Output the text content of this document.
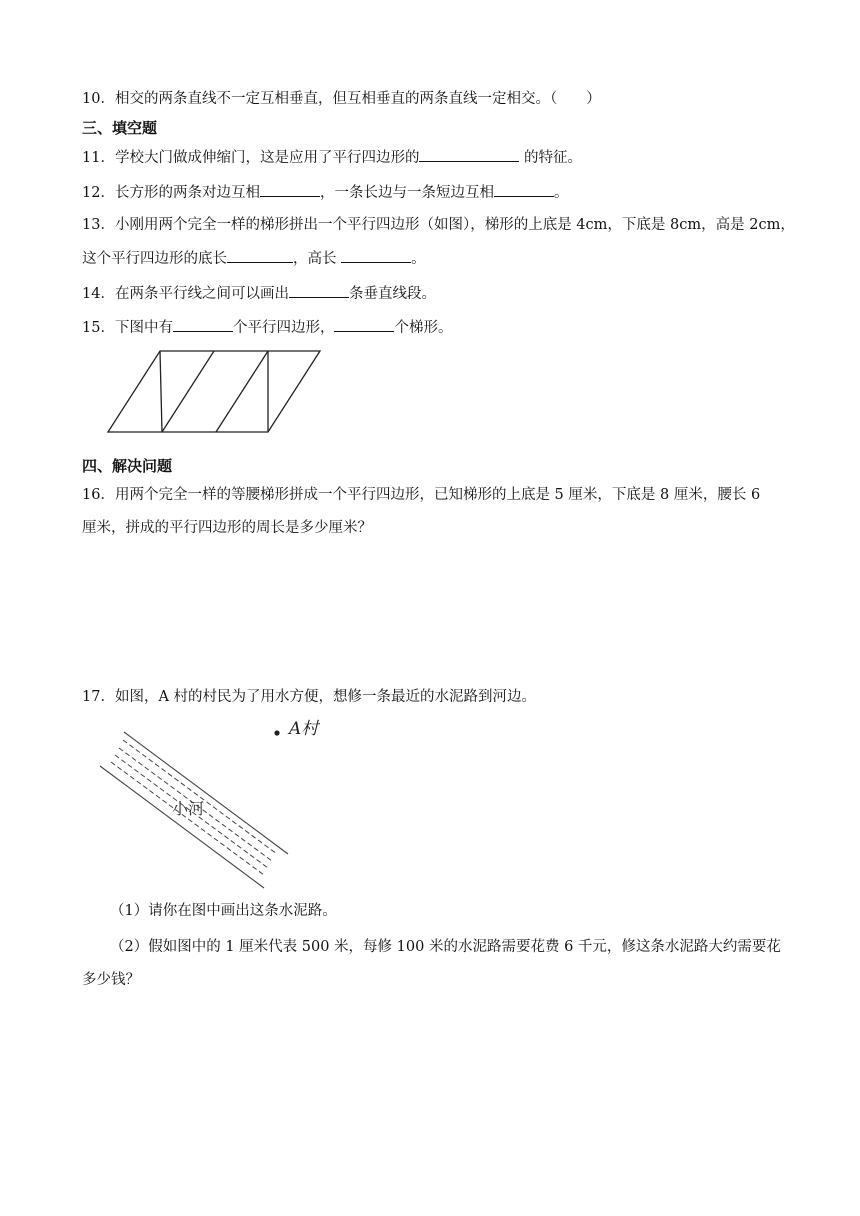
10．相交的两条直线不一定互相垂直，但互相垂直的两条直线一定相交。（　　）
三、填空题
11．学校大门做成伸缩门，这是应用了平行四边形的	的特征。
12．长方形的两条对边互相	，一条长边与一条短边互相	。
13．小刚用两个完全一样的梯形拼出一个平行四边形（如图），梯形的上底是 4cm，下底是 8cm，高是 2cm，
这个平行四边形的底长	，高长	。
14．在两条平行线之间可以画出	条垂直线段。
15．下图中有	个平行四边形，	个梯形。
四、解决问题
16．用两个完全一样的等腰梯形拼成一个平行四边形，已知梯形的上底是 5 厘米，下底是 8 厘米，腰长 6
厘米，拼成的平行四边形的周长是多少厘米？
17．如图，A 村的村民为了用水方便，想修一条最近的水泥路到河边。
A村
小河
（1）请你在图中画出这条水泥路。
（2）假如图中的 1 厘米代表 500 米，每修 100 米的水泥路需要花费 6 千元，修这条水泥路大约需要花
多少钱？
